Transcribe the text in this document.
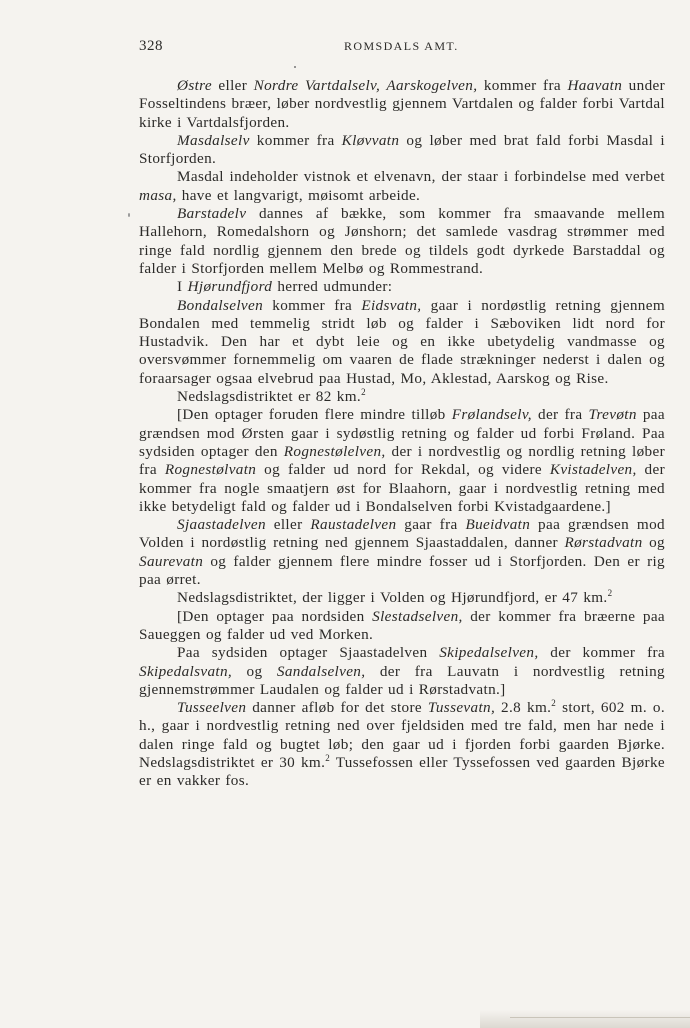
328	ROMSDALS AMT.

Østre eller Nordre Vartdalselv, Aarskogelven, kommer fra Haavatn under Fosseltindens bræer, løber nordvestlig gjennem Vartdalen og falder forbi Vartdal kirke i Vartdalsfjorden.

Masdalselv kommer fra Kløvvatn og løber med brat fald forbi Masdal i Storfjorden.

Masdal indeholder vistnok et elvenavn, der staar i forbindelse med verbet masa, have et langvarigt, møisomt arbeide.

Barstadelv dannes af bække, som kommer fra smaavande mellem Hallehorn, Romedalshorn og Jønshorn; det samlede vasdrag strømmer med ringe fald nordlig gjennem den brede og tildels godt dyrkede Barstaddal og falder i Storfjorden mellem Melbø og Rommestrand.

I Hjørundfjord herred udmunder:

Bondalselven kommer fra Eidsvatn, gaar i nordøstlig retning gjennem Bondalen med temmelig stridt løb og falder i Sæboviken lidt nord for Hustadvik. Den har et dybt leie og en ikke ubetydelig vandmasse og oversvømmer fornemmelig om vaaren de flade strækninger nederst i dalen og foraarsager ogsaa elvebrud paa Hustad, Mo, Aklestad, Aarskog og Rise.

Nedslagsdistriktet er 82 km.$^2$

[Den optager foruden flere mindre tilløb Frølandselv, der fra Trevøtn paa grændsen mod Ørsten gaar i sydøstlig retning og falder ud forbi Frøland. Paa sydsiden optager den Rognestølelven, der i nordvestlig og nordlig retning løber fra Rognestølvatn og falder ud nord for Rekdal, og videre Kvistadelven, der kommer fra nogle smaatjern øst for Blaahorn, gaar i nordvestlig retning med ikke betydeligt fald og falder ud i Bondalselven forbi Kvistadgaardene.]

Sjaastadelven eller Raustadelven gaar fra Bueidvatn paa grændsen mod Volden i nordøstlig retning ned gjennem Sjaastaddalen, danner Rørstadvatn og Saurevatn og falder gjennem flere mindre fosser ud i Storfjorden. Den er rig paa ørret.

Nedslagsdistriktet, der ligger i Volden og Hjørundfjord, er 47 km.$^2$

[Den optager paa nordsiden Slestadselven, der kommer fra bræerne paa Saueggen og falder ud ved Morken.

Paa sydsiden optager Sjaastadelven Skipedalselven, der kommer fra Skipedalsvatn, og Sandalselven, der fra Lauvatn i nordvestlig retning gjennemstrømmer Laudalen og falder ud i Rørstadvatn.]

Tusseelven danner afløb for det store Tussevatn, 2.8 km.$^2$ stort, 602 m. o. h., gaar i nordvestlig retning ned over fjeldsiden med tre fald, men har nede i dalen ringe fald og bugtet løb; den gaar ud i fjorden forbi gaarden Bjørke. Nedslagsdistriktet er 30 km.$^2$ Tussefossen eller Tyssefossen ved gaarden Bjørke er en vakker fos.
